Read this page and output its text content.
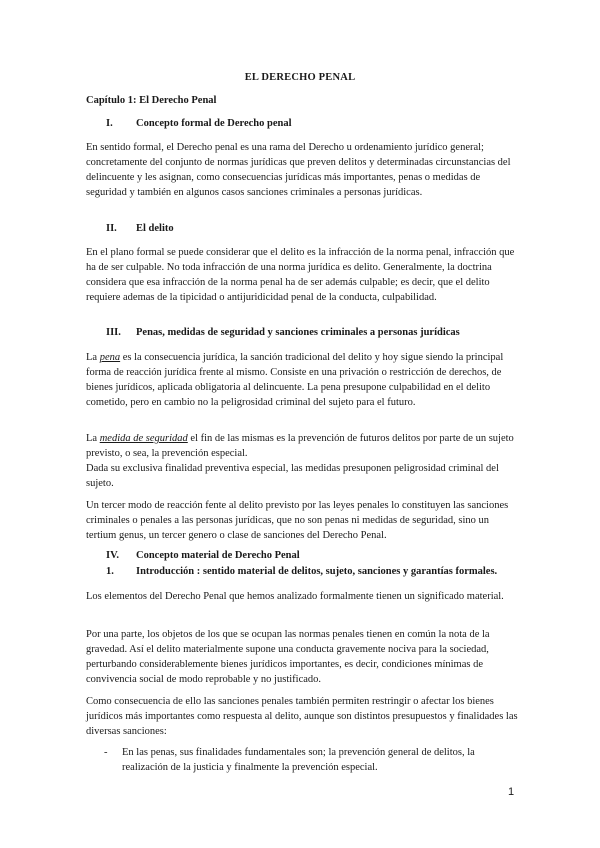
EL DERECHO PENAL
Capítulo 1: El Derecho Penal
I. Concepto formal de Derecho penal
En sentido formal, el Derecho penal es una rama del Derecho u ordenamiento jurídico general; concretamente del conjunto de normas jurídicas que preven delitos y determinadas circunstancias del delincuente y les asignan, como consecuencias jurídicas más importantes, penas o medidas de seguridad y también en algunos casos sanciones criminales a personas jurídicas.
II. El delito
En el plano formal se puede considerar que el delito es la infracción de la norma penal, infracción que ha de ser culpable. No toda infracción de una norma jurídica es delito. Generalmente, la doctrina considera que esa infracción de la norma penal ha de ser además culpable; es decir, que el delito requiere ademas de la tipicidad o antijuridicidad penal de la conducta, culpabilidad.
III. Penas, medidas de seguridad y sanciones criminales a personas jurídicas
La pena es la consecuencia jurídica, la sanción tradicional del delito y hoy sigue siendo la principal forma de reacción jurídica frente al mismo. Consiste en una privación o restricción de derechos, de bienes jurídicos, aplicada obligatoria al delincuente. La pena presupone culpabilidad en el delito cometido, pero en cambio no la peligrosidad criminal del sujeto para el futuro.
La medida de seguridad el fin de las mismas es la prevención de futuros delitos por parte de un sujeto previsto, o sea, la prevención especial.
Dada su exclusiva finalidad preventiva especial, las medidas presuponen peligrosidad criminal del sujeto.
Un tercer modo de reacción fente al delito previsto por las leyes penales lo constituyen las sanciones criminales o penales a las personas jurídicas, que no son penas ni medidas de seguridad, sino un tertium genus, un tercer genero o clase de sanciones del Derecho Penal.
IV. Concepto material de Derecho Penal
1. Introducción : sentido material de delitos, sujeto, sanciones y garantías formales.
Los elementos del Derecho Penal que hemos analizado formalmente tienen un significado material.
Por una parte, los objetos de los que se ocupan las normas penales tienen en común la nota de la gravedad. Así el delito materialmente supone una conducta gravemente nociva para la sociedad, perturbando considerablemente bienes jurídicos importantes, es decir, condiciones mínimas de convivencia social de modo reprobable y no justificado.
Como consecuencia de ello las sanciones penales también permiten restringir o afectar los bienes jurídicos más importantes como respuesta al delito, aunque son distintos presupuestos y finalidades las diversas sanciones:
- En las penas, sus finalidades fundamentales son; la prevención general de delitos, la realización de la justicia y finalmente la prevención especial.
1
